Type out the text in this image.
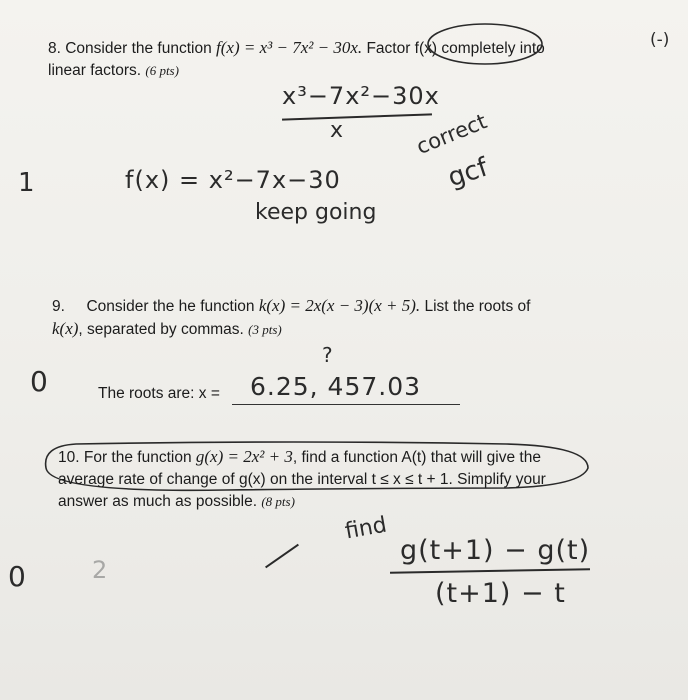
8. Consider the function f(x) = x³ − 7x² − 30x. Factor f(x) completely into	(-)
linear factors. (6 pts)
x³−7x²−30x
x
1	f(x) = x²−7x−30
keep going
correct
gcf
9. Consider the he function k(x) = 2x(x − 3)(x + 5). List the roots of
k(x), separated by commas. (3 pts)
?
0	The roots are: x = 6.25, 457.03
10. For the function g(x) = 2x² + 3, find a function A(t) that will give the
average rate of change of g(x) on the interval t ≤ x ≤ t + 1. Simplify your
answer as much as possible. (8 pts)
find
g(t+1) − g(t)
(t+1) − t
0	2
